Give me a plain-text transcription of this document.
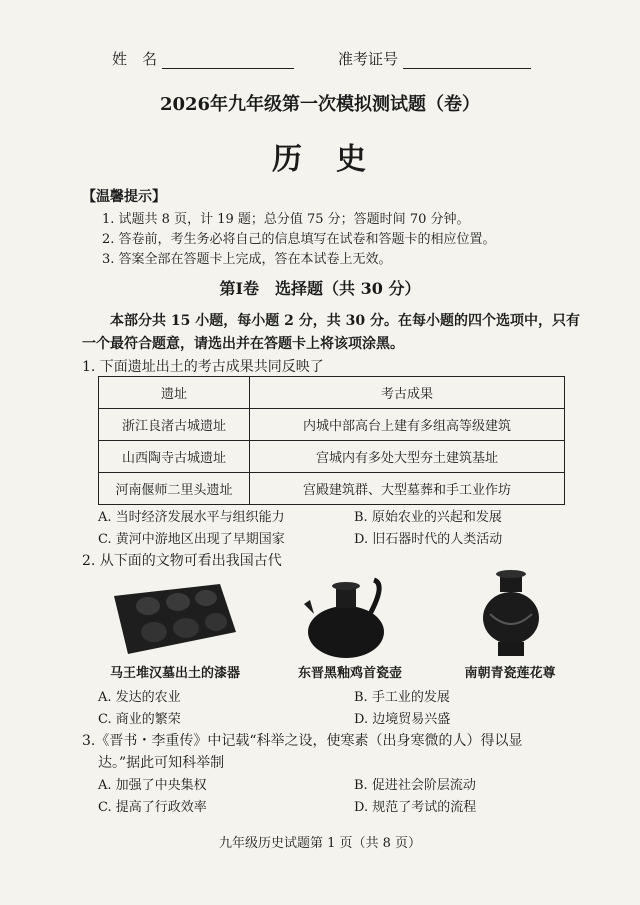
姓　名	准考证号
2026年九年级第一次模拟测试题（卷）
历　史
【温馨提示】
1. 试题共 8 页，计 19 题；总分值 75 分；答题时间 70 分钟。
2. 答卷前，考生务必将自己的信息填写在试卷和答题卡的相应位置。
3. 答案全部在答题卡上完成，答在本试卷上无效。
第Ⅰ卷　选择题（共 30 分）
本部分共 15 小题，每小题 2 分，共 30 分。在每小题的四个选项中，只有一个最符合题意，请选出并在答题卡上将该项涂黑。
1. 下面遗址出土的考古成果共同反映了
遗址	考古成果
浙江良渚古城遗址	内城中部高台上建有多组高等级建筑
山西陶寺古城遗址	宫城内有多处大型夯土建筑基址
河南偃师二里头遗址	宫殿建筑群、大型墓葬和手工业作坊
A. 当时经济发展水平与组织能力	B. 原始农业的兴起和发展
C. 黄河中游地区出现了早期国家	D. 旧石器时代的人类活动
2. 从下面的文物可看出我国古代
马王堆汉墓出土的漆器	东晋黑釉鸡首瓷壶	南朝青瓷莲花尊
A. 发达的农业	B. 手工业的发展
C. 商业的繁荣	D. 边境贸易兴盛
3.《晋书・李重传》中记载“科举之设，使寒素（出身寒微的人）得以显
达。”据此可知科举制
A. 加强了中央集权	B. 促进社会阶层流动
C. 提高了行政效率	D. 规范了考试的流程
九年级历史试题第 1 页（共 8 页）
